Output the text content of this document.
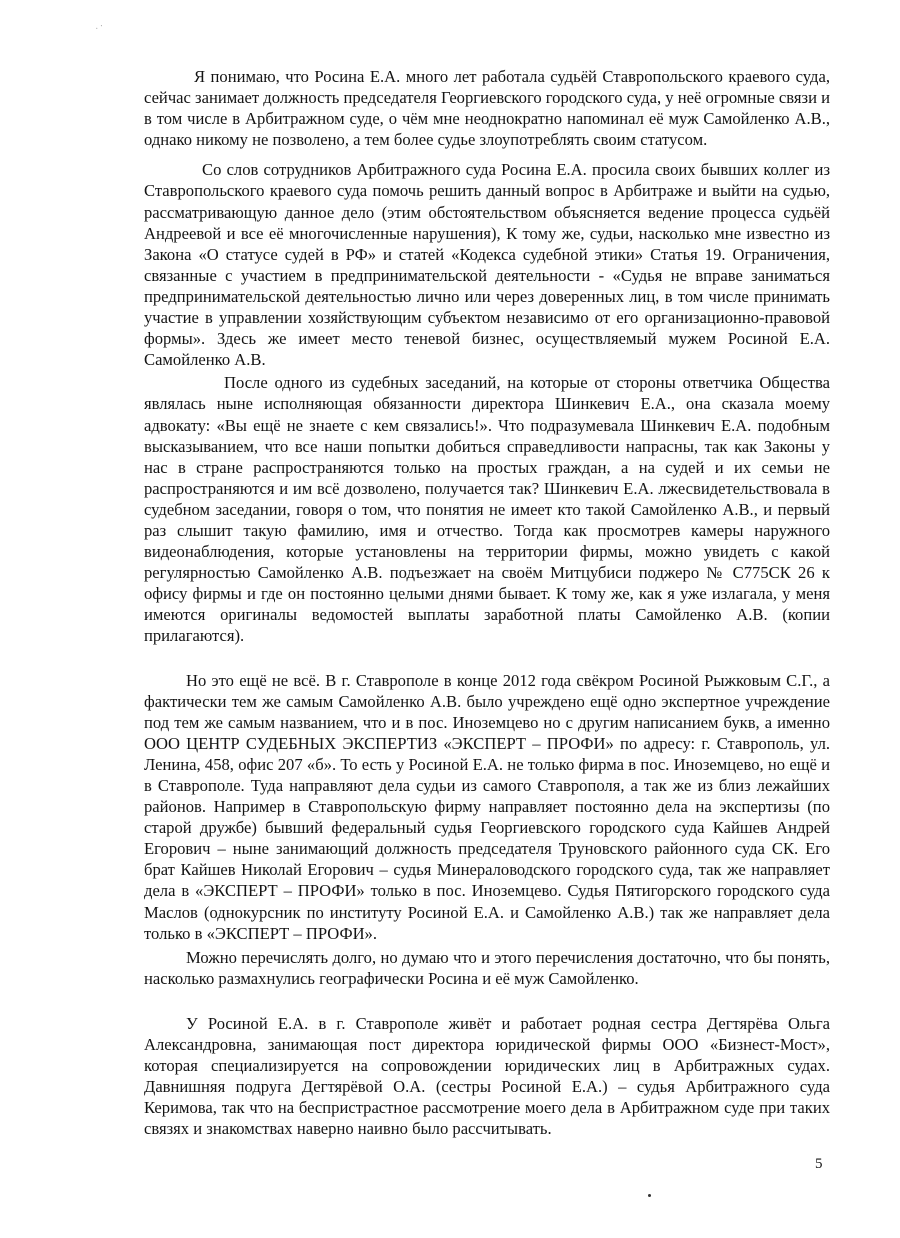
· ·

Я понимаю, что Росина Е.А. много лет работала судьёй Ставропольского краевого суда, сейчас занимает должность председателя Георгиевского городского суда, у неё огромные связи и в том числе в Арбитражном суде, о чём мне неоднократно напоминал её муж Самойленко А.В., однако никому не позволено, а тем более судье злоупотреблять своим статусом.

Со слов сотрудников Арбитражного суда Росина Е.А. просила своих бывших коллег из Ставропольского краевого суда помочь решить данный вопрос в Арбитраже и выйти на судью, рассматривающую данное дело (этим обстоятельством объясняется ведение процесса судьёй Андреевой и все её многочисленные нарушения), К тому же, судьи, насколько мне известно из Закона «О статусе судей в РФ» и статей «Кодекса судебной этики» Статья 19. Ограничения, связанные с участием в предпринимательской деятельности - «Судья не вправе заниматься предпринимательской деятельностью лично или через доверенных лиц, в том числе принимать участие в управлении хозяйствующим субъектом независимо от его организационно-правовой формы». Здесь же имеет место теневой бизнес, осуществляемый мужем Росиной Е.А. Самойленко А.В.

После одного из судебных заседаний, на которые от стороны ответчика Общества являлась ныне исполняющая обязанности директора Шинкевич Е.А., она сказала моему адвокату: «Вы ещё не знаете с кем связались!». Что подразумевала Шинкевич Е.А. подобным высказыванием, что все наши попытки добиться справедливости напрасны, так как Законы у нас в стране распространяются только на простых граждан, а на судей и их семьи не распространяются и им всё дозволено, получается так? Шинкевич Е.А. лжесвидетельствовала в судебном заседании, говоря о том, что понятия не имеет кто такой Самойленко А.В., и первый раз слышит такую фамилию, имя и отчество. Тогда как просмотрев камеры наружного видеонаблюдения, которые установлены на территории фирмы, можно увидеть с какой регулярностью Самойленко А.В. подъезжает на своём Митцубиси поджеро № С775СК 26 к офису фирмы и где он постоянно целыми днями бывает. К тому же, как я уже излагала, у меня имеются оригиналы ведомостей выплаты заработной платы Самойленко А.В. (копии прилагаются).

Но это ещё не всё. В г. Ставрополе в конце 2012 года свёкром Росиной Рыжковым С.Г., а фактически тем же самым Самойленко А.В. было учреждено ещё одно экспертное учреждение под тем же самым названием, что и в пос. Иноземцево но с другим написанием букв, а именно ООО ЦЕНТР СУДЕБНЫХ ЭКСПЕРТИЗ «ЭКСПЕРТ – ПРОФИ» по адресу: г. Ставрополь, ул. Ленина, 458, офис 207 «б». То есть у Росиной Е.А. не только фирма в пос. Иноземцево, но ещё и в Ставрополе. Туда направляют дела судьи из самого Ставрополя, а так же из близ лежайших районов. Например в Ставропольскую фирму направляет постоянно дела на экспертизы (по старой дружбе) бывший федеральный судья Георгиевского городского суда Кайшев Андрей Егорович – ныне занимающий должность председателя Труновского районного суда СК. Его брат Кайшев Николай Егорович – судья Минераловодского городского суда, так же направляет дела в «ЭКСПЕРТ – ПРОФИ» только в пос. Иноземцево. Судья Пятигорского городского суда Маслов (однокурсник по институту Росиной Е.А. и Самойленко А.В.) так же направляет дела только в «ЭКСПЕРТ – ПРОФИ».

Можно перечислять долго, но думаю что и этого перечисления достаточно, что бы понять, насколько размахнулись географически Росина и её муж Самойленко.

У Росиной Е.А. в г. Ставрополе живёт и работает родная сестра Дегтярёва Ольга Александровна, занимающая пост директора юридической фирмы ООО «Бизнест-Мост», которая специализируется на сопровождении юридических лиц в Арбитражных судах. Давнишняя подруга Дегтярёвой О.А. (сестры Росиной Е.А.) – судья Арбитражного суда Керимова, так что на беспристрастное рассмотрение моего дела в Арбитражном суде при таких связях и знакомствах наверно наивно было рассчитывать.

5
